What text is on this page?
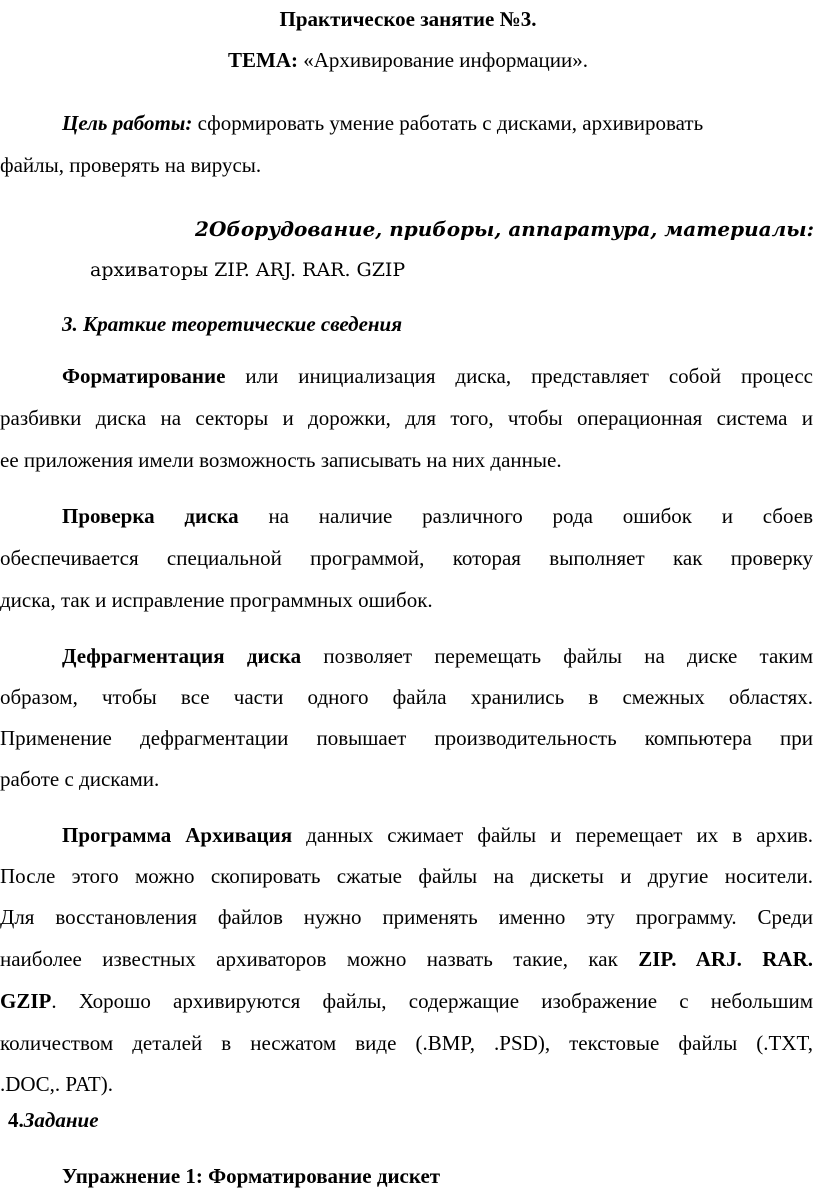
Практическое занятие №3.
ТЕМА: «Архивирование информации».
Цель работы: сформировать умение работать с дисками, архивировать
файлы, проверять на вирусы.
2Оборудование, приборы, аппаратура, материалы:
архиваторы ZIP. ARJ. RAR. GZIP
3. Краткие теоретические сведения
Форматирование или инициализация диска, представляет собой процесс
разбивки диска на секторы и дорожки, для того, чтобы операционная система и
ее приложения имели возможность записывать на них данные.
Проверка диска на наличие различного рода ошибок и сбоев
обеспечивается специальной программой, которая выполняет как проверку
диска, так и исправление программных ошибок.
Дефрагментация диска позволяет перемещать файлы на диске таким
образом, чтобы все части одного файла хранились в смежных областях.
Применение дефрагментации повышает производительность компьютера при
работе с дисками.
Программа Архивация данных сжимает файлы и перемещает их в архив.
После этого можно скопировать сжатые файлы на дискеты и другие носители.
Для восстановления файлов нужно применять именно эту программу. Среди
наиболее известных архиваторов можно назвать такие, как ZIP. ARJ. RAR.
GZIP. Хорошо архивируются файлы, содержащие изображение с небольшим
количеством деталей в несжатом виде (.BMP, .PSD), текстовые файлы (.TXT,
.DOC,. PAT).
4.Задание
Упражнение 1: Форматирование дискет
